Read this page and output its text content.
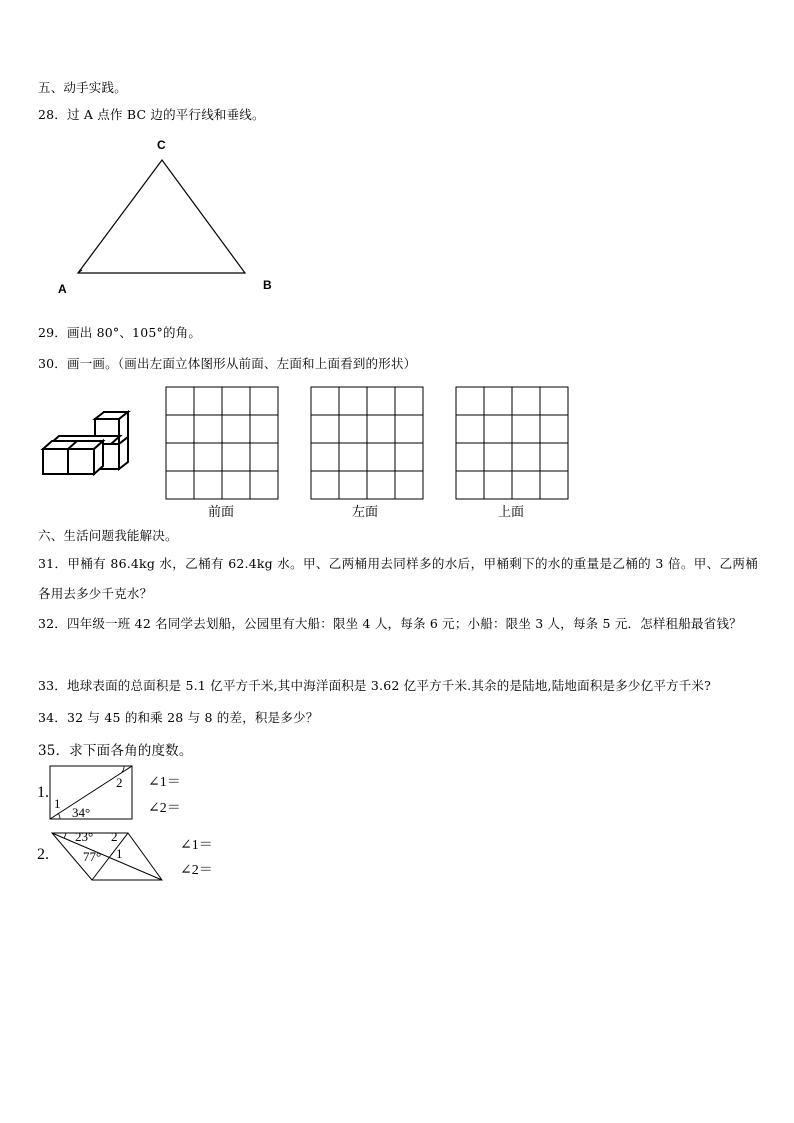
五、动手实践。
28．过 A 点作 BC 边的平行线和垂线。
C
A	B
29．画出 80°、105°的角。
30．画一画。（画出左面立体图形从前面、左面和上面看到的形状）
前面	左面	上面
六、生活问题我能解决。
31．甲桶有 86.4kg 水，乙桶有 62.4kg 水。甲、乙两桶用去同样多的水后，甲桶剩下的水的重量是乙桶的 3 倍。甲、乙两桶各用去多少千克水？
32．四年级一班 42 名同学去划船，公园里有大船：限坐 4 人，每条 6 元；小船：限坐 3 人，每条 5 元．怎样租船最省钱？
33．地球表面的总面积是 5.1 亿平方千米,其中海洋面积是 3.62 亿平方千米.其余的是陆地,陆地面积是多少亿平方千米?
34．32 与 45 的和乘 28 与 8 的差，积是多少？
35．求下面各角的度数。
1.
2
1
34°
∠1＝
∠2＝
2.
23° 2
77° 1
∠1＝
∠2＝
